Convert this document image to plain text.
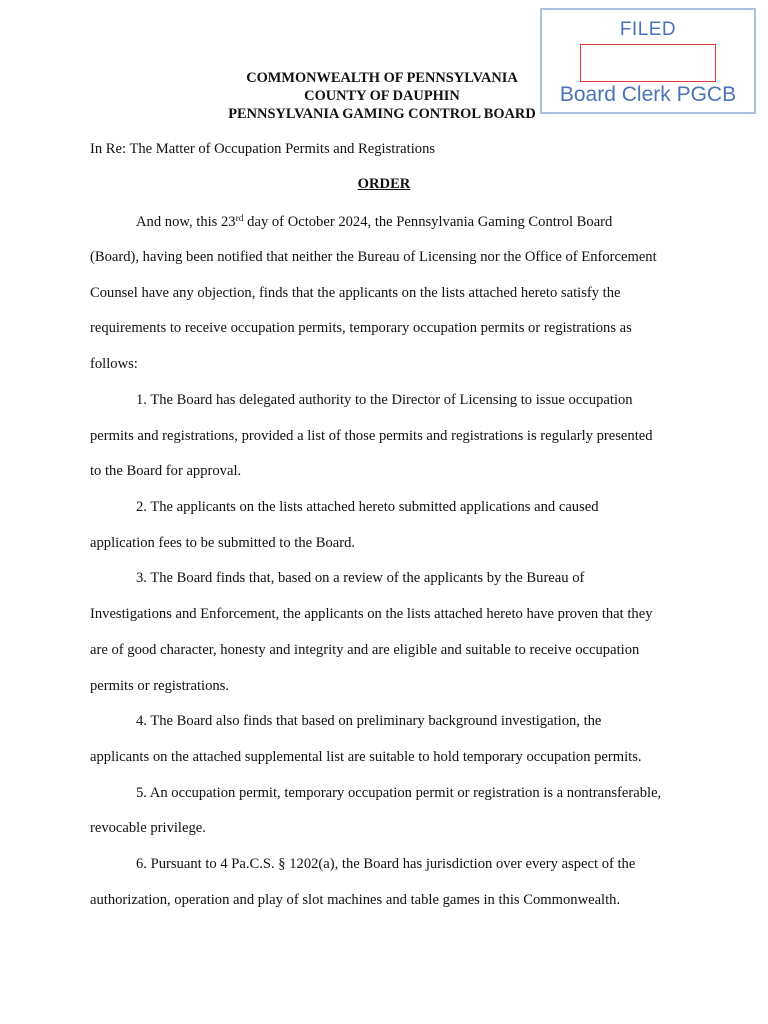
FILED
Board Clerk PGCB
COMMONWEALTH OF PENNSYLVANIA
COUNTY OF DAUPHIN
PENNSYLVANIA GAMING CONTROL BOARD
In Re: The Matter of Occupation Permits and Registrations
ORDER
And now, this 23rd day of October 2024, the Pennsylvania Gaming Control Board
(Board), having been notified that neither the Bureau of Licensing nor the Office of Enforcement
Counsel have any objection, finds that the applicants on the lists attached hereto satisfy the
requirements to receive occupation permits, temporary occupation permits or registrations as
follows:
1. The Board has delegated authority to the Director of Licensing to issue occupation
permits and registrations, provided a list of those permits and registrations is regularly presented
to the Board for approval.
2. The applicants on the lists attached hereto submitted applications and caused
application fees to be submitted to the Board.
3. The Board finds that, based on a review of the applicants by the Bureau of
Investigations and Enforcement, the applicants on the lists attached hereto have proven that they
are of good character, honesty and integrity and are eligible and suitable to receive occupation
permits or registrations.
4. The Board also finds that based on preliminary background investigation, the
applicants on the attached supplemental list are suitable to hold temporary occupation permits.
5. An occupation permit, temporary occupation permit or registration is a nontransferable,
revocable privilege.
6. Pursuant to 4 Pa.C.S. § 1202(a), the Board has jurisdiction over every aspect of the
authorization, operation and play of slot machines and table games in this Commonwealth.
